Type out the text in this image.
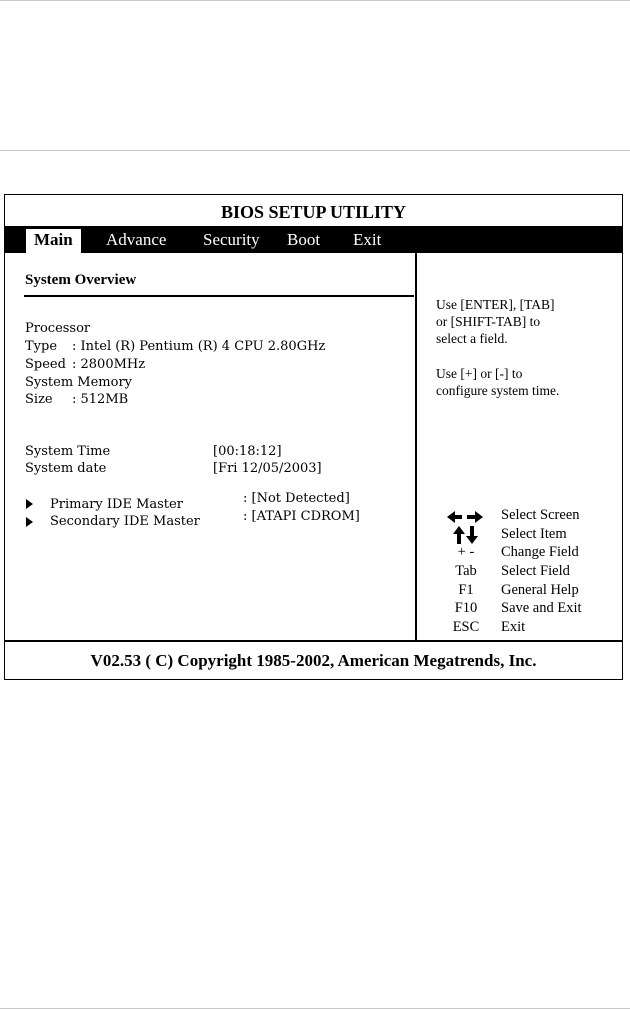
BIOS SETUP UTILITY
Main	Advance Security Boot Exit
System Overview
Processor
Type : Intel (R) Pentium (R) 4 CPU 2.80GHz
Speed : 2800MHz
System Memory
Size : 512MB
System Time	[00:18:12]
System date	[Fri 12/05/2003]
Primary IDE Master	: [Not Detected]
Secondary IDE Master	: [ATAPI CDROM]
Use [ENTER], [TAB]
or [SHIFT-TAB] to
select a field.
Use [+] or [-] to
configure system time.
Select Screen
Select Item
+ -	Change Field
Tab	Select Field
F1	General Help
F10	Save and Exit
ESC	Exit
V02.53 ( C) Copyright 1985-2002, American Megatrends, Inc.
